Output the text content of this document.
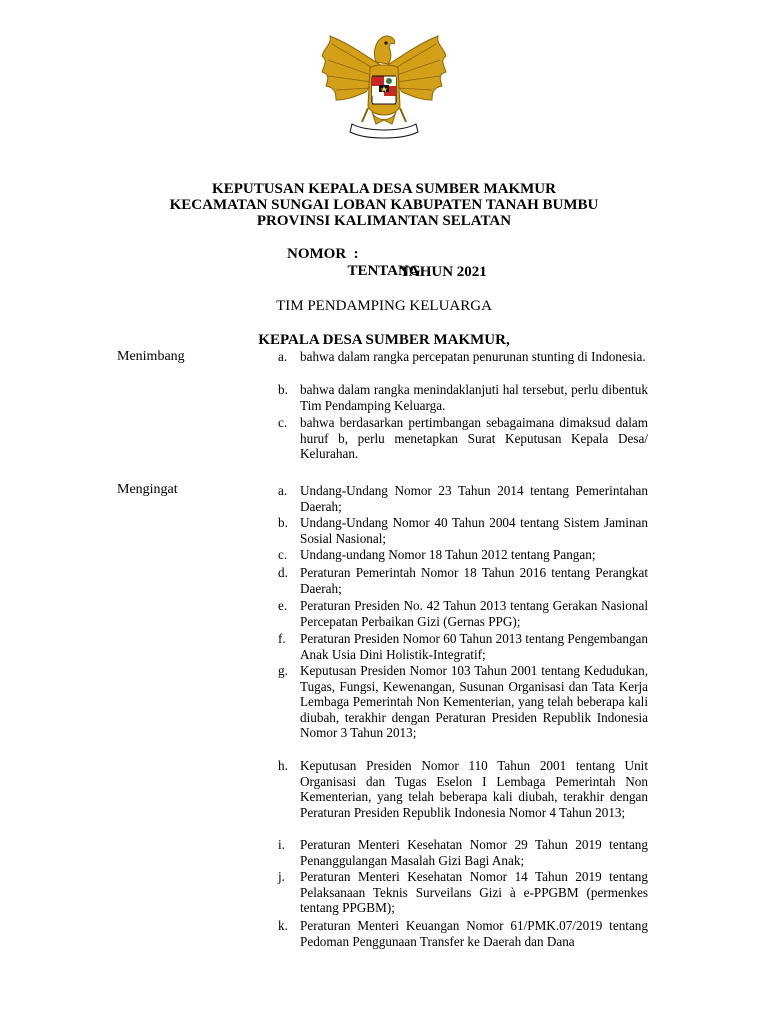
KEPUTUSAN KEPALA DESA SUMBER MAKMUR
KECAMATAN SUNGAI LOBAN KABUPATEN TANAH BUMBU
PROVINSI KALIMANTAN SELATAN

NOMOR  :

TAHUN 2021

TENTANG
TIM PENDAMPING KELUARGA
KEPALA DESA SUMBER MAKMUR,
Menimbang	a. bahwa dalam rangka percepatan penurunan stunting di Indonesia.
b. bahwa dalam rangka menindaklanjuti hal tersebut, perlu dibentuk Tim Pendamping Keluarga.
c. bahwa berdasarkan pertimbangan sebagaimana dimaksud dalam huruf b, perlu menetapkan Surat Keputusan Kepala Desa/ Kelurahan.
Mengingat	a. Undang-Undang Nomor 23 Tahun 2014 tentang Pemerintahan Daerah;
b. Undang-Undang Nomor 40 Tahun 2004 tentang Sistem Jaminan Sosial Nasional;
c. Undang-undang Nomor 18 Tahun 2012 tentang Pangan;
d. Peraturan Pemerintah Nomor 18 Tahun 2016 tentang Perangkat Daerah;
e. Peraturan Presiden No. 42 Tahun 2013 tentang Gerakan Nasional Percepatan Perbaikan Gizi (Gernas PPG);
f.	Peraturan Presiden Nomor 60 Tahun 2013 tentang Pengembangan Anak Usia Dini Holistik-Integratif;
g. Keputusan Presiden Nomor 103 Tahun 2001 tentang Kedudukan, Tugas, Fungsi, Kewenangan, Susunan Organisasi dan Tata Kerja Lembaga Pemerintah Non Kementerian, yang telah beberapa kali diubah, terakhir dengan Peraturan Presiden Republik Indonesia Nomor 3 Tahun 2013;
h. Keputusan Presiden Nomor 110 Tahun 2001 tentang Unit Organisasi dan Tugas Eselon I Lembaga Pemerintah Non Kementerian, yang telah beberapa kali diubah, terakhir dengan Peraturan Presiden Republik Indonesia Nomor 4 Tahun 2013;
i.	Peraturan Menteri Kesehatan Nomor 29 Tahun 2019 tentang Penanggulangan Masalah Gizi Bagi Anak;
j.	Peraturan Menteri Kesehatan Nomor 14 Tahun 2019 tentang Pelaksanaan Teknis Surveilans Gizi à e-PPGBM (permenkes tentang PPGBM);
k. Peraturan Menteri Keuangan Nomor 61/PMK.07/2019 tentang Pedoman Penggunaan Transfer ke Daerah dan Dana
